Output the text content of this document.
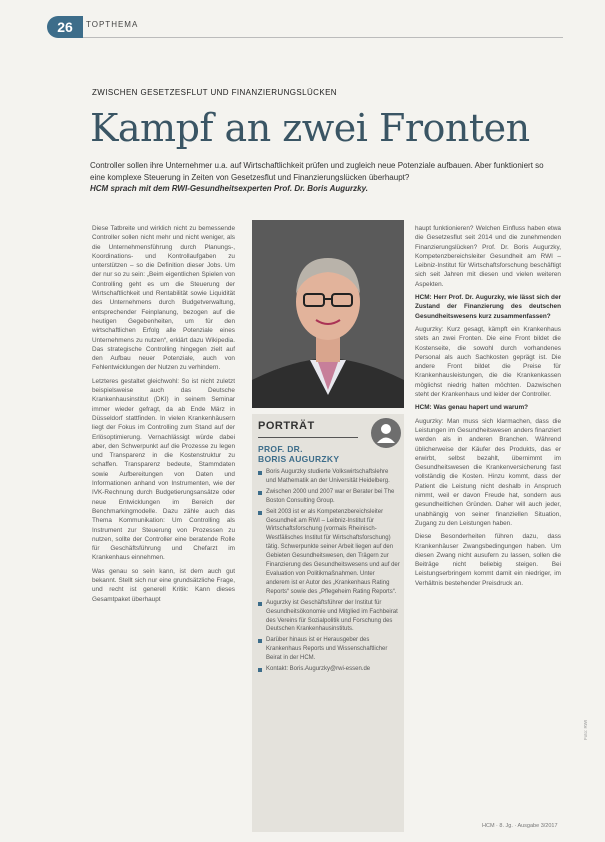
26	TOPTHEMA
ZWISCHEN GESETZESFLUT UND FINANZIERUNGSLÜCKEN
Kampf an zwei Fronten
Controller sollen ihre Unternehmer u.a. auf Wirtschaftlichkeit prüfen und zugleich neue Potenziale aufbauen. Aber funktioniert so eine komplexe Steuerung in Zeiten von Gesetzesflut und Finanzierungslücken überhaupt?
HCM sprach mit dem RWI-Gesundheitsexperten Prof. Dr. Boris Augurzky.

Diese Tatbreite und wirklich nicht zu bemessende Controller sollen nicht mehr und nicht weniger, als die Unternehmensführung durch Planungs-, Koordinations- und Kontrollaufgaben zu unterstützen – so die Definition dieser Jobs. Um der nur so zu sein: „Beim eigentlichen Spielen von Controlling geht es um die Steuerung der Wirtschaftlichkeit und Rentabilität sowie Liquidität des Unternehmens durch Budgetverwaltung, entsprechender Feinplanung, bezogen auf die heutigen Gegebenheiten, um für den wirtschaftlichen Erfolg alle Potenziale eines Unternehmens zu nutzen“, erklärt dazu Wikipedia. Das strategische Controlling hingegen zielt auf den Aufbau neuer Potenziale, auch von Fehlentwicklungen der Nutzen zu verhindern.

Letzteres gestaltet gleichwohl: So ist nicht zuletzt beispielsweise auch das Deutsche Krankenhausinstitut (DKI) in seinem Seminar immer wieder gefragt, da ab Ende März in Düsseldorf stattfinden. In vielen Krankenhäusern liegt der Fokus im Controlling zum Stand auf der Erlösoptimierung. Vernachlässigt würde dabei aber, den Schwerpunkt auf die Prozesse zu legen und Transparenz in die Kostenstruktur zu schaffen. Transparenz bedeute, Stammdaten sowie Aufbereitungen von Daten und Informationen anhand von Instrumenten, wie der IVK-Rechnung durch Budgetierungsansätze oder neue Entwicklungen im Bereich der Benchmarkingmodelle. Dazu zähle auch das Thema Kommunikation: Um Controlling als Instrument zur Steuerung von Prozessen zu nutzen, sollte der Controller eine beratende Rolle für Geschäftsführung und Chefarzt im Krankenhaus einnehmen.

Was genau so sein kann, ist dem auch gut bekannt. Stellt sich nur eine grundsätzliche Frage, und recht ist generell Kritik: Kann dieses Gesamtpaket überhaupt

PORTRÄT
PROF. DR.
BORIS AUGURZKY
Boris Augurzky studierte Volkswirtschaftslehre und Mathematik an der Universität Heidelberg.
Zwischen 2000 und 2007 war er Berater bei The Boston Consulting Group.
Seit 2003 ist er als Kompetenzbereichsleiter Gesundheit am RWI – Leibniz-Institut für Wirtschaftsforschung (vormals Rheinisch-Westfälisches Institut für Wirtschaftsforschung) tätig. Schwerpunkte seiner Arbeit liegen auf den Gebieten Gesundheitswesen, den Trägern zur Finanzierung des Gesundheitswesens und auf der Evaluation von Politikmaßnahmen. Unter anderem ist er Autor des „Krankenhaus Rating Reports“ sowie des „Pflegeheim Rating Reports“.
Augurzky ist Geschäftsführer der Institut für Gesundheitsökonomie und Mitglied im Fachbeirat des Vereins für Sozialpolitik und Forschung des Deutschen Krankenhausinstituts.
Darüber hinaus ist er Herausgeber des Krankenhaus Reports und Wissenschaftlicher Beirat in der HCM.
Kontakt: Boris.Augurzky@rwi-essen.de

haupt funktionieren? Welchen Einfluss haben etwa die Gesetzesflut seit 2014 und die zunehmenden Finanzierungslücken? Prof. Dr. Boris Augurzky, Kompetenzbereichsleiter Gesundheit am RWI – Leibniz-Institut für Wirtschaftsforschung beschäftigt sich seit Jahren mit diesen und vielen weiteren Aspekten.

HCM: Herr Prof. Dr. Augurzky, wie lässt sich der Zustand der Finanzierung des deutschen Gesundheitswesens kurz zusammenfassen?

Augurzky: Kurz gesagt, kämpft ein Krankenhaus stets an zwei Fronten. Die eine Front bildet die Kostenseite, die sowohl durch vorhandenes Personal als auch Sachkosten geprägt ist. Die andere Front bildet die Preise für Krankenhausleistungen, die die Krankenkassen möglichst niedrig halten möchten. Dazwischen steht der Krankenhaus und leider der Controller.

HCM: Was genau hapert und warum?

Augurzky: Man muss sich klarmachen, dass die Leistungen im Gesundheitswesen anders finanziert werden als in anderen Branchen. Während üblicherweise der Käufer des Produkts, das er erwirbt, selbst bezahlt, übernimmt im Gesundheitswesen die Krankenversicherung fast vollständig die Kosten. Hinzu kommt, dass der Patient die Leistung nicht deshalb in Anspruch nimmt, weil er davon Freude hat, sondern aus gesundheitlichen Gründen. Daher will auch jeder, unabhängig von seiner finanziellen Situation, Zugang zu den Leistungen haben.

Diese Besonderheiten führen dazu, dass Krankenhäuser Zwangsbedingungen haben. Um diesen Zwang nicht ausufern zu lassen, sollen die Beiträge nicht beliebig steigen. Bei Leistungserbringern kommt damit ein niedriger, im Verhältnis bestehender Preisdruck an.

HCM · 8. Jg. · Ausgabe 3/2017
Foto: RWI
